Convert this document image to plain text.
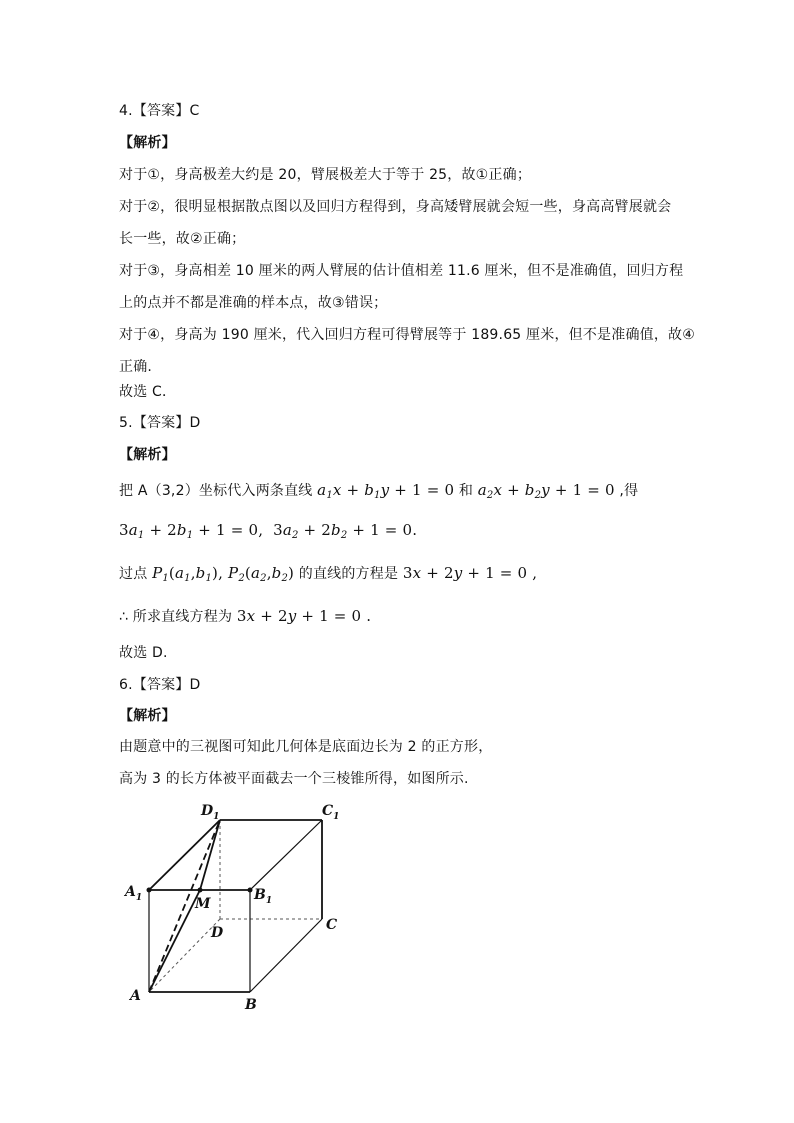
4.【答案】C
【解析】
对于①，身高极差大约是 20，臂展极差大于等于 25，故①正确；
对于②，很明显根据散点图以及回归方程得到，身高矮臂展就会短一些，身高高臂展就会
长一些，故②正确；
对于③，身高相差 10 厘米的两人臂展的估计值相差 11.6 厘米，但不是准确值，回归方程
上的点并不都是准确的样本点，故③错误；
对于④，身高为 190 厘米，代入回归方程可得臂展等于 189.65 厘米，但不是准确值，故④
正确.
故选 C．
5.【答案】D
【解析】
把 A（3,2）坐标代入两条直线 $a_1x + b_1y + 1 = 0$ 和 $a_2x + b_2y + 1 = 0$ ,得
$3a_1 + 2b_1 + 1 = 0$,  $3a_2 + 2b_2 + 1 = 0$.
过点 $P_1(a_1,b_1)$, $P_2(a_2,b_2)$ 的直线的方程是 3x + 2y + 1 = 0 ,
∴ 所求直线方程为 3x + 2y + 1 = 0 .
故选 D.
6.【答案】D
【解析】
由题意中的三视图可知此几何体是底面边长为 2 的正方形，
高为 3 的长方体被平面截去一个三棱锥所得，如图所示.
$D_1$	$C_1$
$A_1$	$B_1$
M
D	C
A
B
